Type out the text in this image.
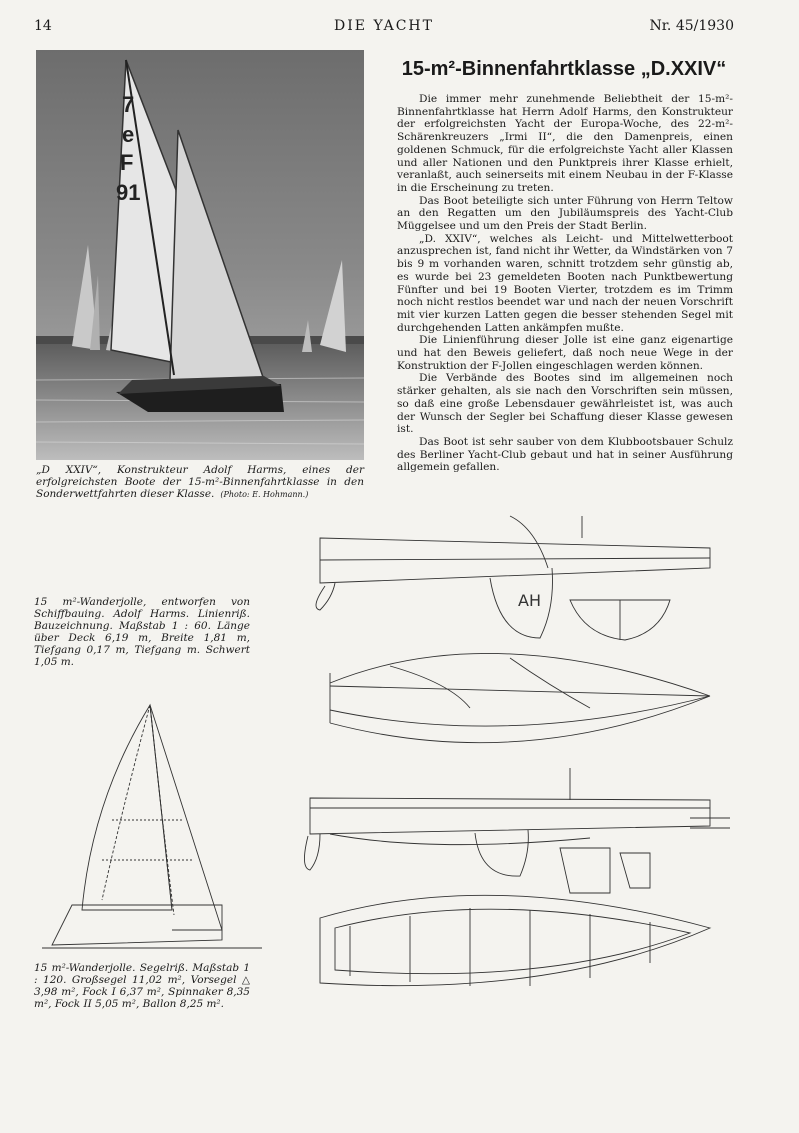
14	DIE YACHT	Nr. 45/1930
7
e
F
91
„D XXIV“, Konstrukteur Adolf Harms, eines der erfolgreichsten Boote der 15-m²-Binnenfahrtklasse in den Sonderwettfahrten dieser Klasse. (Photo: E. Hohmann.)
15-m²-Binnenfahrtklasse „D.XXIV“

Die immer mehr zunehmende Beliebtheit der 15-m²-Binnenfahrtklasse hat Herrn Adolf Harms, den Konstrukteur der erfolgreichsten Yacht der Europa-Woche, des 22-m²-Schärenkreuzers „Irmi II“, die den Damenpreis, einen goldenen Schmuck, für die erfolgreichste Yacht aller Klassen und aller Nationen und den Punktpreis ihrer Klasse erhielt, veranlaßt, auch seinerseits mit einem Neubau in der F-Klasse in die Erscheinung zu treten.

Das Boot beteiligte sich unter Führung von Herrn Teltow an den Regatten um den Jubiläumspreis des Yacht-Club Müggelsee und um den Preis der Stadt Berlin.

„D. XXIV“, welches als Leicht- und Mittelwetterboot anzusprechen ist, fand nicht ihr Wetter, da Windstärken von 7 bis 9 m vorhanden waren, schnitt trotzdem sehr günstig ab, es wurde bei 23 gemeldeten Booten nach Punktbewertung Fünfter und bei 19 Booten Vierter, trotzdem es im Trimm noch nicht restlos beendet war und nach der neuen Vorschrift mit vier kurzen Latten gegen die besser stehenden Segel mit durchgehenden Latten ankämpfen mußte.

Die Linienführung dieser Jolle ist eine ganz eigenartige und hat den Beweis geliefert, daß noch neue Wege in der Konstruktion der F-Jollen eingeschlagen werden können.

Die Verbände des Bootes sind im allgemeinen noch stärker gehalten, als sie nach den Vorschriften sein müssen, so daß eine große Lebensdauer gewährleistet ist, was auch der Wunsch der Segler bei Schaffung dieser Klasse gewesen ist.

Das Boot ist sehr sauber von dem Klubbootsbauer Schulz des Berliner Yacht-Club gebaut und hat in seiner Ausführung allgemein gefallen.

AH
15 m²-Wanderjolle, entworfen von Schiffbauing. Adolf Harms. Linienriß. Bauzeichnung. Maßstab 1 : 60. Länge über Deck 6,19 m, Breite 1,81 m, Tiefgang 0,17 m, Tiefgang m. Schwert 1,05 m.
15 m²-Wanderjolle. Segelriß. Maßstab 1 : 120. Großsegel 11,02 m², Vorsegel △ 3,98 m², Fock I 6,37 m², Spinnaker 8,35 m², Fock II 5,05 m², Ballon 8,25 m².
